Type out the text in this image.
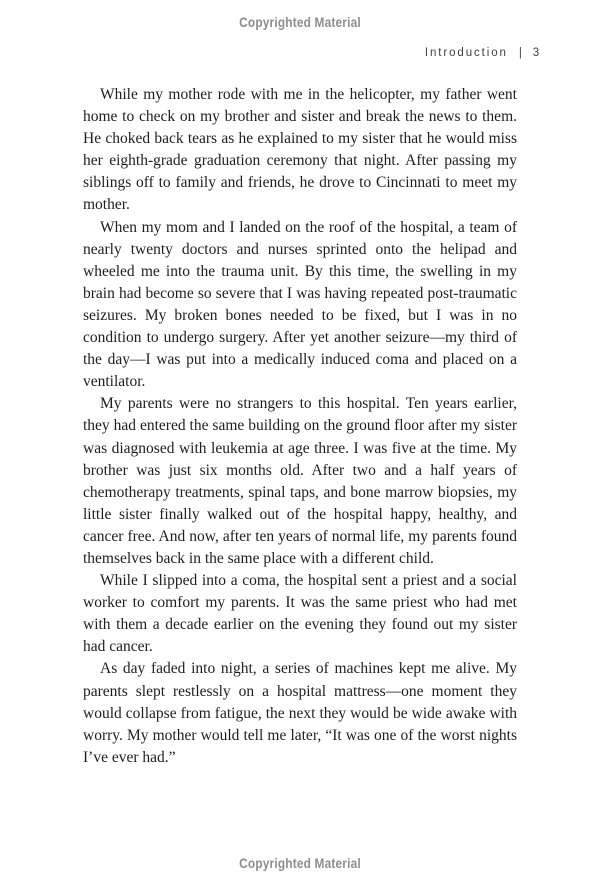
Copyrighted Material
Introduction | 3

While my mother rode with me in the helicopter, my father went home to check on my brother and sister and break the news to them. He choked back tears as he explained to my sister that he would miss her eighth-grade graduation ceremony that night. After passing my siblings off to family and friends, he drove to Cincinnati to meet my mother.

When my mom and I landed on the roof of the hospital, a team of nearly twenty doctors and nurses sprinted onto the helipad and wheeled me into the trauma unit. By this time, the swelling in my brain had become so severe that I was having repeated post-traumatic seizures. My broken bones needed to be fixed, but I was in no condition to undergo surgery. After yet another seizure—my third of the day—I was put into a medically induced coma and placed on a ventilator.

My parents were no strangers to this hospital. Ten years earlier, they had entered the same building on the ground floor after my sister was diagnosed with leukemia at age three. I was five at the time. My brother was just six months old. After two and a half years of chemotherapy treatments, spinal taps, and bone marrow biopsies, my little sister finally walked out of the hospital happy, healthy, and cancer free. And now, after ten years of normal life, my parents found themselves back in the same place with a different child.

While I slipped into a coma, the hospital sent a priest and a social worker to comfort my parents. It was the same priest who had met with them a decade earlier on the evening they found out my sister had cancer.

As day faded into night, a series of machines kept me alive. My parents slept restlessly on a hospital mattress—one moment they would collapse from fatigue, the next they would be wide awake with worry. My mother would tell me later, “It was one of the worst nights I’ve ever had.”

Copyrighted Material
